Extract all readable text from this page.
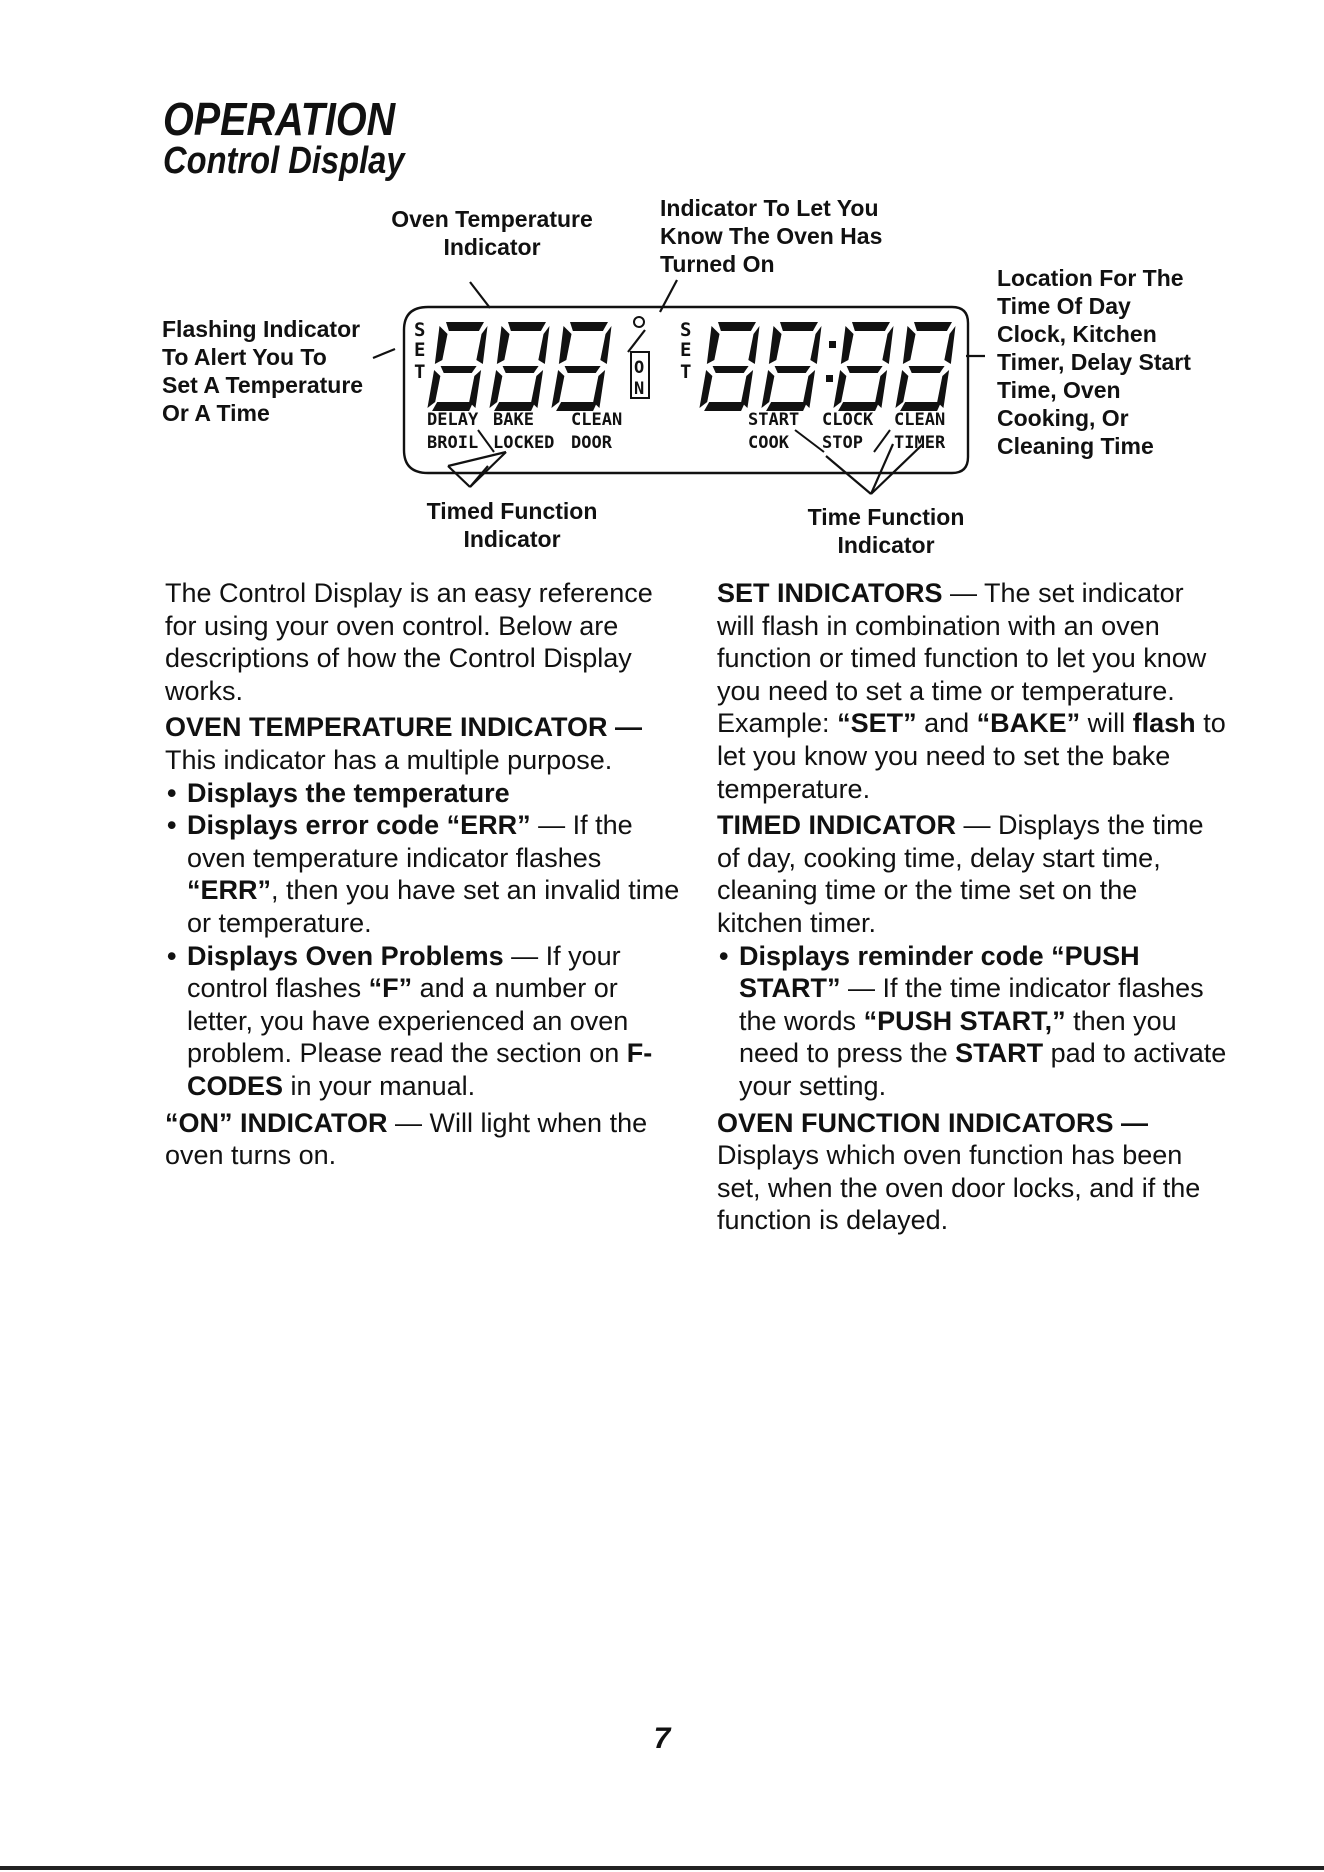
OPERATION
Control Display
Oven Temperature
Indicator
Indicator To Let You
Know The Oven Has
Turned On
Location For The
Time Of Day
Clock, Kitchen
Timer, Delay Start
Time, Oven
Cooking, Or
Cleaning Time
Flashing Indicator
To Alert You To
Set A Temperature
Or A Time
Timed Function
Indicator
Time Function
Indicator
S
E
T	O
N
S
E
T
DELAY BAKE CLEAN
BROIL LOCKED DOOR
START CLOCK CLEAN
COOK STOP TIMER

The Control Display is an easy reference for using your oven control. Below are descriptions of how the Control Display works.

OVEN TEMPERATURE INDICATOR —
This indicator has a multiple purpose.

• Displays the temperature

• Displays error code “ERR” — If the oven temperature indicator flashes “ERR”, then you have set an invalid time or temperature.

• Displays Oven Problems — If your control flashes “F” and a number or letter, you have experienced an oven problem. Please read the section on F-CODES in your manual.

“ON” INDICATOR — Will light when the oven turns on.

SET INDICATORS — The set indicator will flash in combination with an oven function or timed function to let you know you need to set a time or temperature. Example: “SET” and “BAKE” will flash to let you know you need to set the bake temperature.

TIMED INDICATOR — Displays the time of day, cooking time, delay start time, cleaning time or the time set on the kitchen timer.

• Displays reminder code “PUSH START” — If the time indicator flashes the words “PUSH START,” then you need to press the START pad to activate your setting.

OVEN FUNCTION INDICATORS —
Displays which oven function has been set, when the oven door locks, and if the function is delayed.

7
